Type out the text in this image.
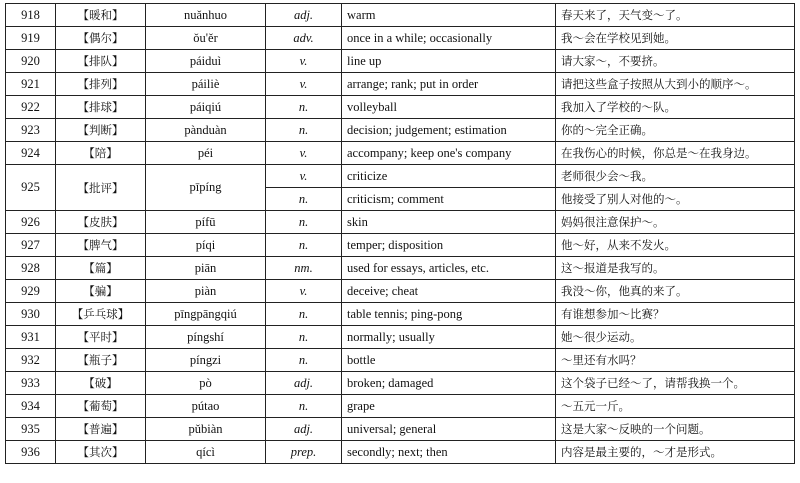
918	【暖和】	nuǎnhuo	adj.	warm	春天来了，天气变～了。
919	【偶尔】	ǒu'ěr	adv.	once in a while; occasionally	我～会在学校见到她。
920	【排队】	páiduì	v.	line up	请大家～，不要挤。
921	【排列】	páiliè	v.	arrange; rank; put in order	请把这些盒子按照从大到小的顺序～。
922	【排球】	páiqiú	n.	volleyball	我加入了学校的～队。
923	【判断】	pànduàn	n.	decision; judgement; estimation	你的～完全正确。
924	【陪】	péi	v.	accompany; keep one's company	在我伤心的时候，你总是～在我身边。
925	【批评】	pīpíng	v.	criticize	老师很少会～我。
			n.	criticism; comment	他接受了别人对他的～。
926	【皮肤】	pífū	n.	skin	妈妈很注意保护～。
927	【脾气】	píqi	n.	temper; disposition	他～好，从来不发火。
928	【篇】	piān	nm.	used for essays, articles, etc.	这～报道是我写的。
929	【骗】	piàn	v.	deceive; cheat	我没～你，他真的来了。
930	【乒乓球】	pīngpāngqiú	n.	table tennis; ping-pong	有谁想参加～比赛？
931	【平时】	píngshí	n.	normally; usually	她～很少运动。
932	【瓶子】	píngzi	n.	bottle	～里还有水吗？
933	【破】	pò	adj.	broken; damaged	这个袋子已经～了，请帮我换一个。
934	【葡萄】	pútao	n.	grape	～五元一斤。
935	【普遍】	pǔbiàn	adj.	universal; general	这是大家～反映的一个问题。
936	【其次】	qícì	prep.	secondly; next; then	内容是最主要的，～才是形式。
